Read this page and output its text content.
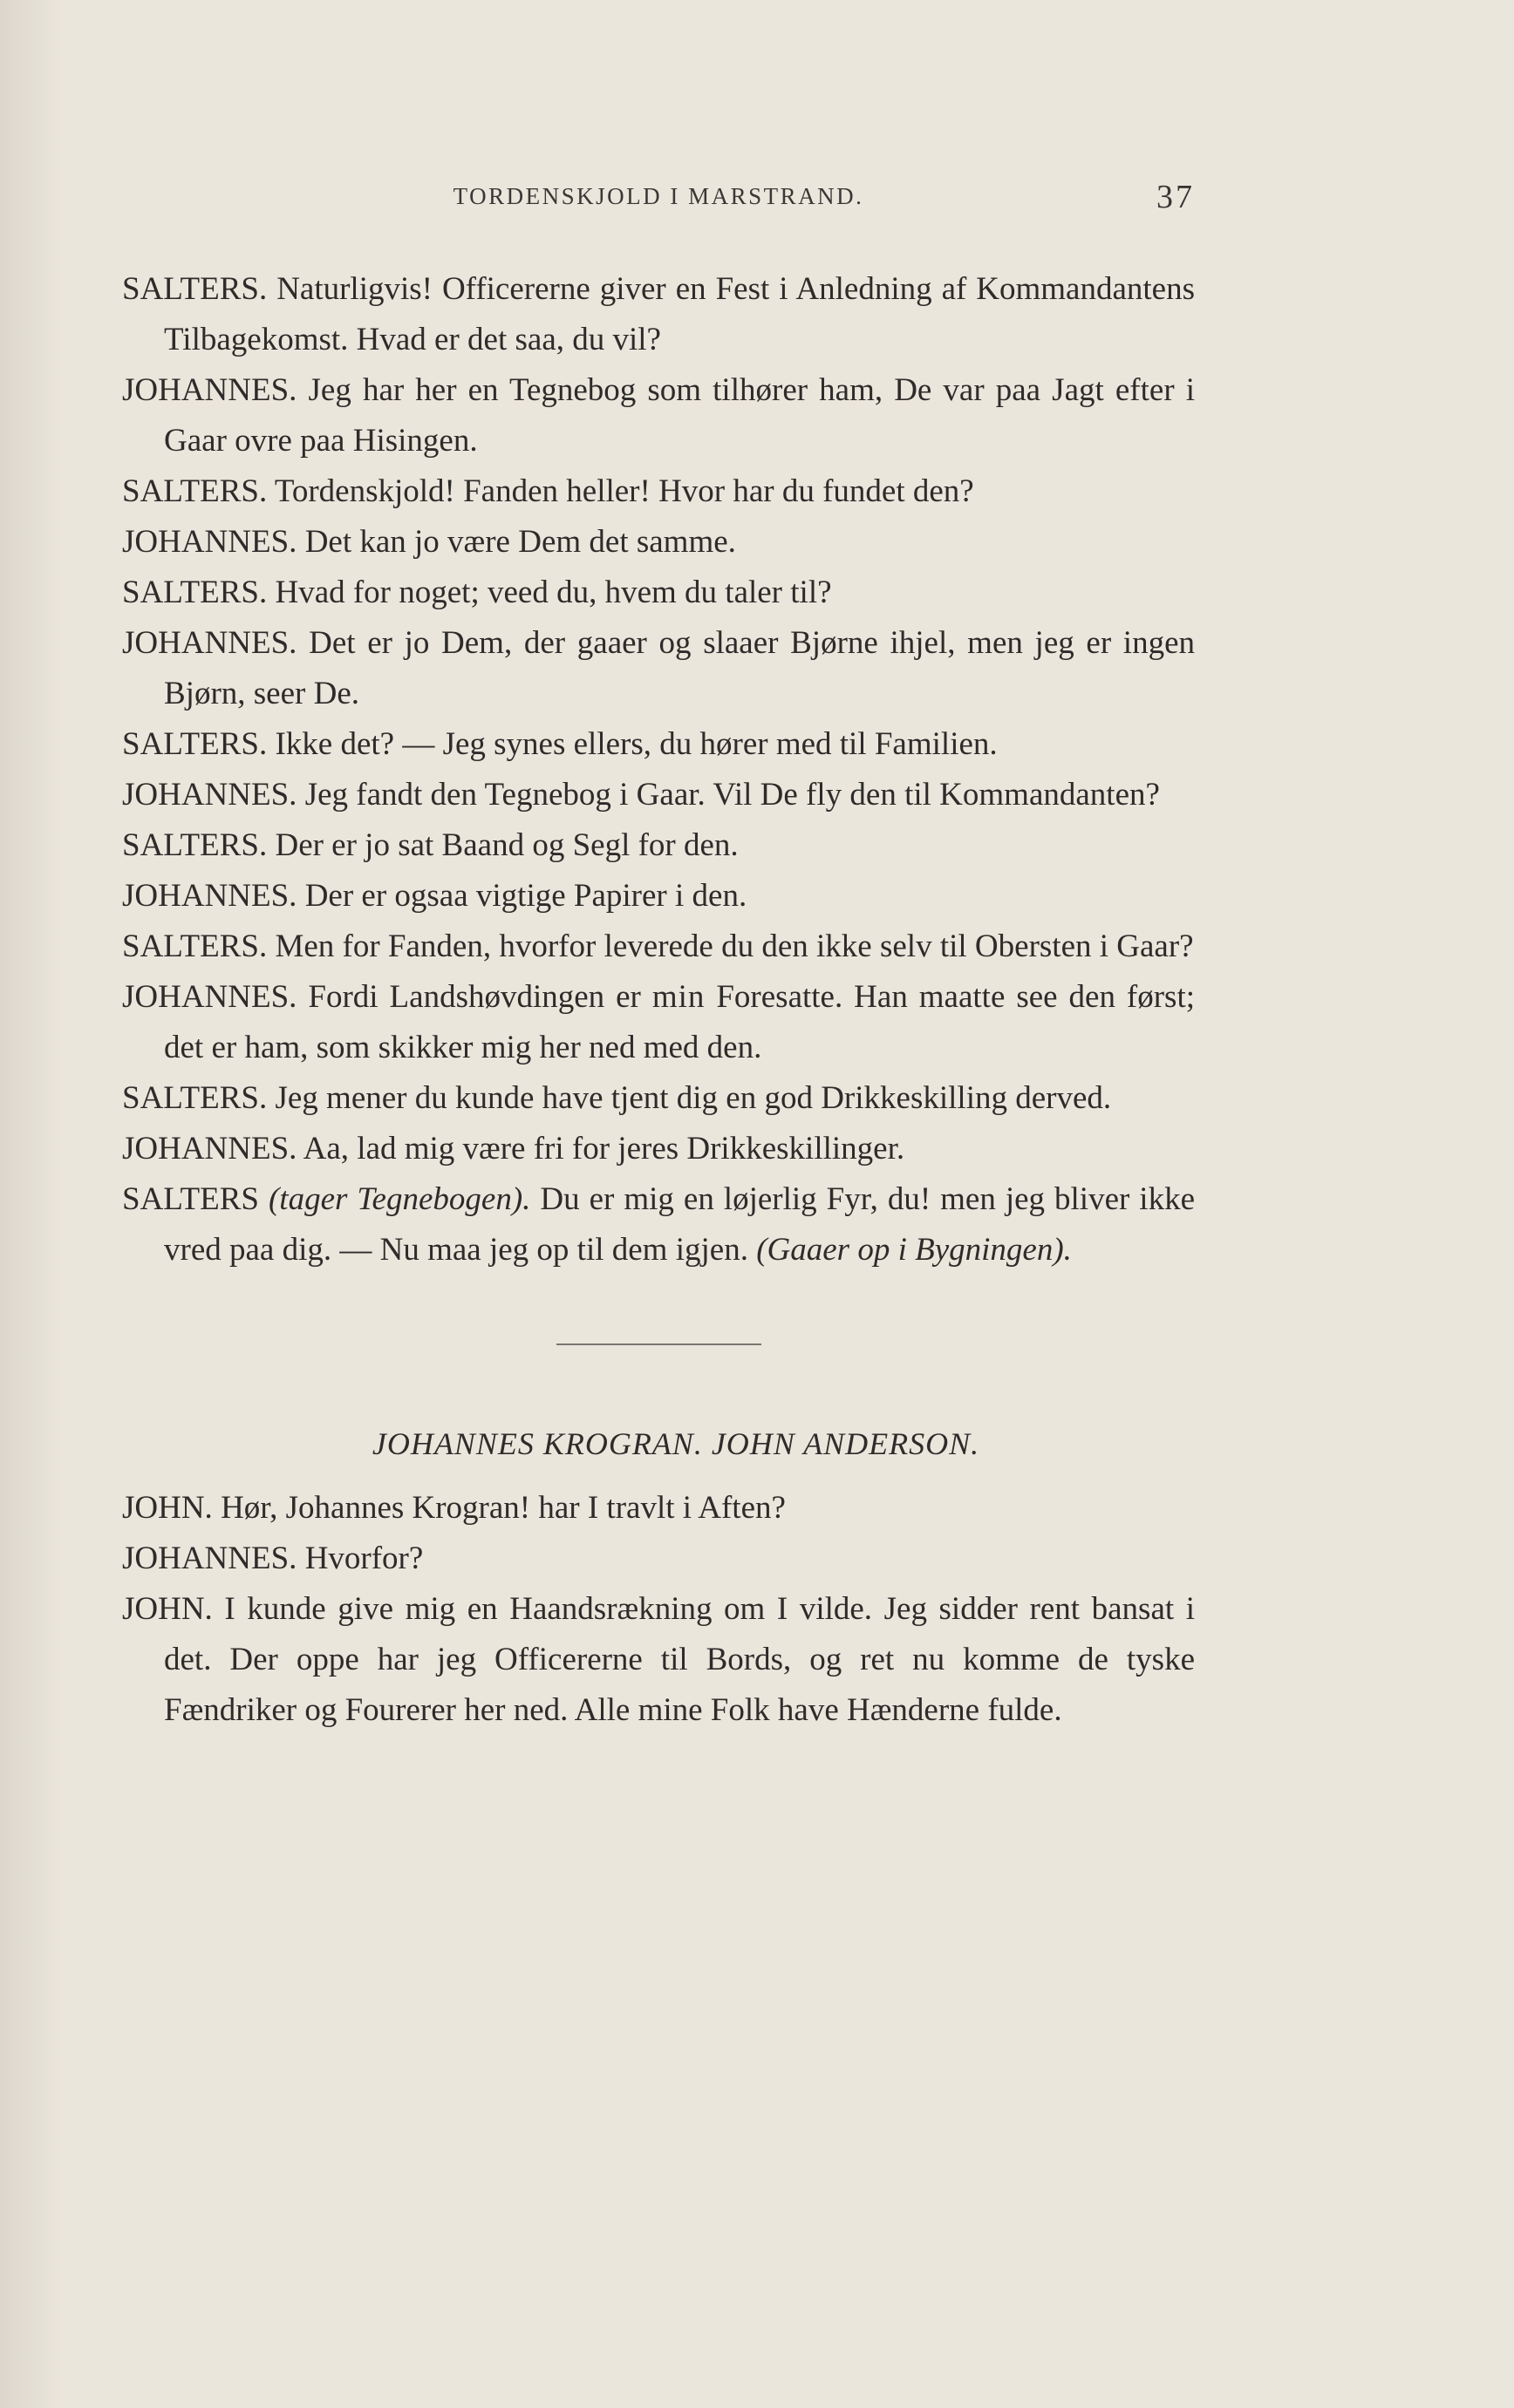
TORDENSKJOLD I MARSTRAND.	37

SALTERS. Naturligvis! Officererne giver en Fest i Anledning af Kommandantens Tilbagekomst. Hvad er det saa, du vil?

JOHANNES. Jeg har her en Tegnebog som tilhører ham, De var paa Jagt efter i Gaar ovre paa Hisingen.

SALTERS. Tordenskjold! Fanden heller! Hvor har du fundet den?

JOHANNES. Det kan jo være Dem det samme.

SALTERS. Hvad for noget; veed du, hvem du taler til?

JOHANNES. Det er jo Dem, der gaaer og slaaer Bjørne ihjel, men jeg er ingen Bjørn, seer De.

SALTERS. Ikke det? — Jeg synes ellers, du hører med til Familien.

JOHANNES. Jeg fandt den Tegnebog i Gaar. Vil De fly den til Kommandanten?

SALTERS. Der er jo sat Baand og Segl for den.

JOHANNES. Der er ogsaa vigtige Papirer i den.

SALTERS. Men for Fanden, hvorfor leverede du den ikke selv til Obersten i Gaar?

JOHANNES. Fordi Landshøvdingen er min Foresatte. Han maatte see den først; det er ham, som skikker mig her ned med den.

SALTERS. Jeg mener du kunde have tjent dig en god Drikkeskilling derved.

JOHANNES. Aa, lad mig være fri for jeres Drikkeskillinger.

SALTERS (tager Tegnebogen). Du er mig en løjerlig Fyr, du! men jeg bliver ikke vred paa dig. — Nu maa jeg op til dem igjen. (Gaaer op i Bygningen).

JOHANNES KROGRAN. JOHN ANDERSON.

JOHN. Hør, Johannes Krogran! har I travlt i Aften?

JOHANNES. Hvorfor?

JOHN. I kunde give mig en Haandsrækning om I vilde. Jeg sidder rent bansat i det. Der oppe har jeg Officererne til Bords, og ret nu komme de tyske Fændriker og Fourerer her ned. Alle mine Folk have Hænderne fulde.
